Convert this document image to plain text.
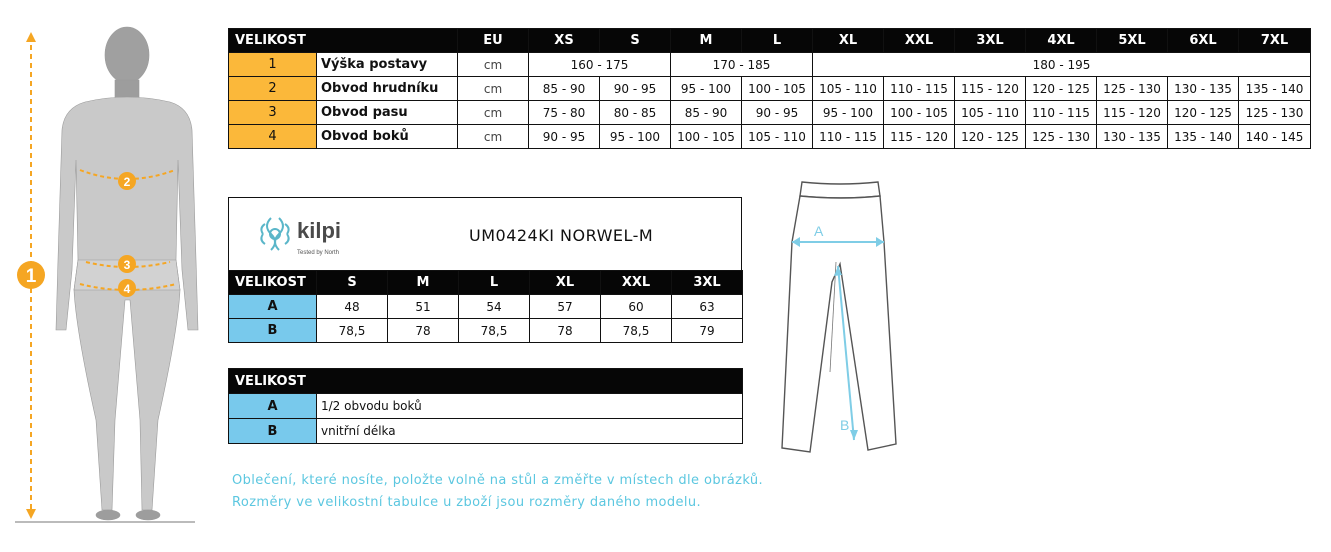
1
2
3
4
VELIKOST		EU	XS	S	M	L	XL	XXL	3XL	4XL	5XL	6XL	7XL
1	Výška postavy	cm	160 - 175		170 - 185		180 - 195						
2	Obvod hrudníku	cm	85 - 90	90 - 95	95 - 100	100 - 105	105 - 110	110 - 115	115 - 120	120 - 125	125 - 130	130 - 135	135 - 140
3	Obvod pasu	cm	75 - 80	80 - 85	85 - 90	90 - 95	95 - 100	100 - 105	105 - 110	110 - 115	115 - 120	120 - 125	125 - 130
4	Obvod boků	cm	90 - 95	95 - 100	100 - 105	105 - 110	110 - 115	115 - 120	120 - 125	125 - 130	130 - 135	135 - 140	140 - 145
kilpi
Tested by North
UM0424KI NORWEL-M
VELIKOST	S	M	L	XL	XXL	3XL
A	48	51	54	57	60	63
B	78,5	78	78,5	78	78,5	79
VELIKOST	
A	1/2 obvodu boků
B	vnitřní délka
Oblečení, které nosíte, položte volně na stůl a změřte v místech dle obrázků.
Rozměry ve velikostní tabulce u zboží jsou rozměry daného modelu.
A
B
